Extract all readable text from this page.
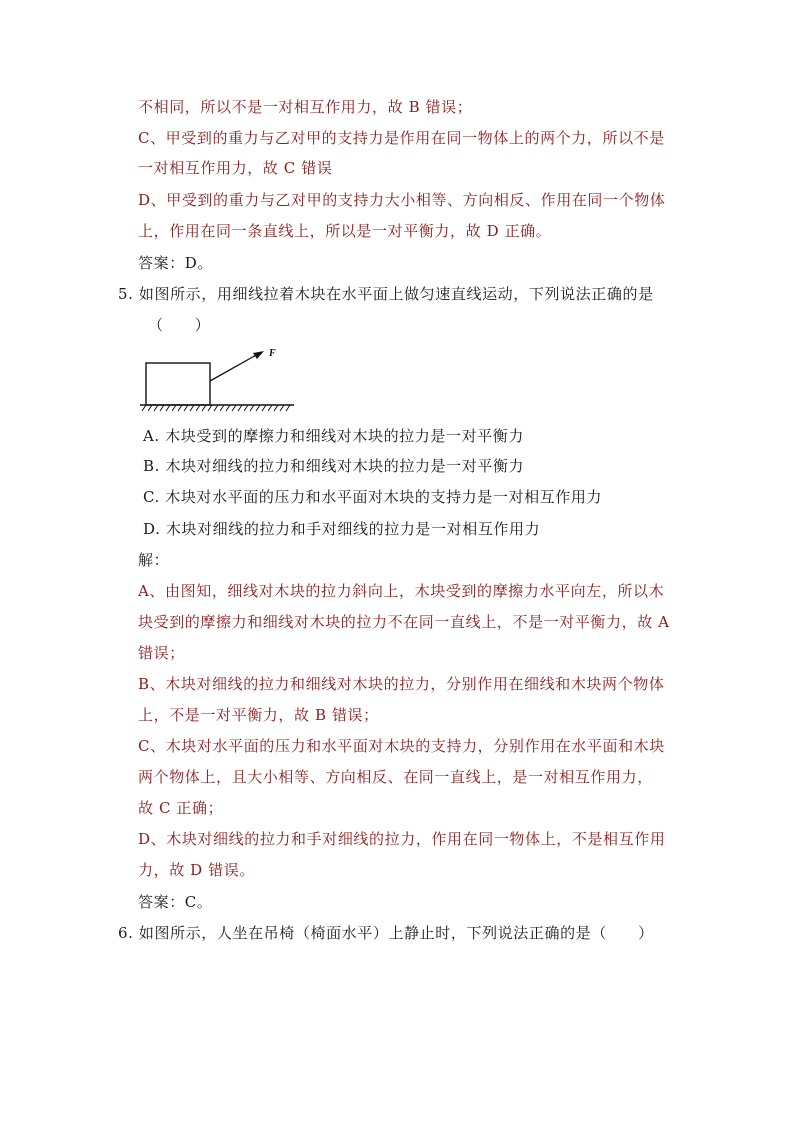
不相同，所以不是一对相互作用力，故 B 错误；
C、甲受到的重力与乙对甲的支持力是作用在同一物体上的两个力，所以不是
一对相互作用力，故 C 错误
D、甲受到的重力与乙对甲的支持力大小相等、方向相反、作用在同一个物体
上，作用在同一条直线上，所以是一对平衡力，故 D 正确。
答案：D。
5. 如图所示，用细线拉着木块在水平面上做匀速直线运动，下列说法正确的是
（　　）
F
A. 木块受到的摩擦力和细线对木块的拉力是一对平衡力
B. 木块对细线的拉力和细线对木块的拉力是一对平衡力
C. 木块对水平面的压力和水平面对木块的支持力是一对相互作用力
D. 木块对细线的拉力和手对细线的拉力是一对相互作用力
解：
A、由图知，细线对木块的拉力斜向上，木块受到的摩擦力水平向左，所以木
块受到的摩擦力和细线对木块的拉力不在同一直线上，不是一对平衡力，故 A
错误；
B、木块对细线的拉力和细线对木块的拉力，分别作用在细线和木块两个物体
上，不是一对平衡力，故 B 错误；
C、木块对水平面的压力和水平面对木块的支持力，分别作用在水平面和木块
两个物体上，且大小相等、方向相反、在同一直线上，是一对相互作用力，
故 C 正确；
D、木块对细线的拉力和手对细线的拉力，作用在同一物体上，不是相互作用
力，故 D 错误。
答案：C。
6. 如图所示，人坐在吊椅（椅面水平）上静止时，下列说法正确的是（　　）
